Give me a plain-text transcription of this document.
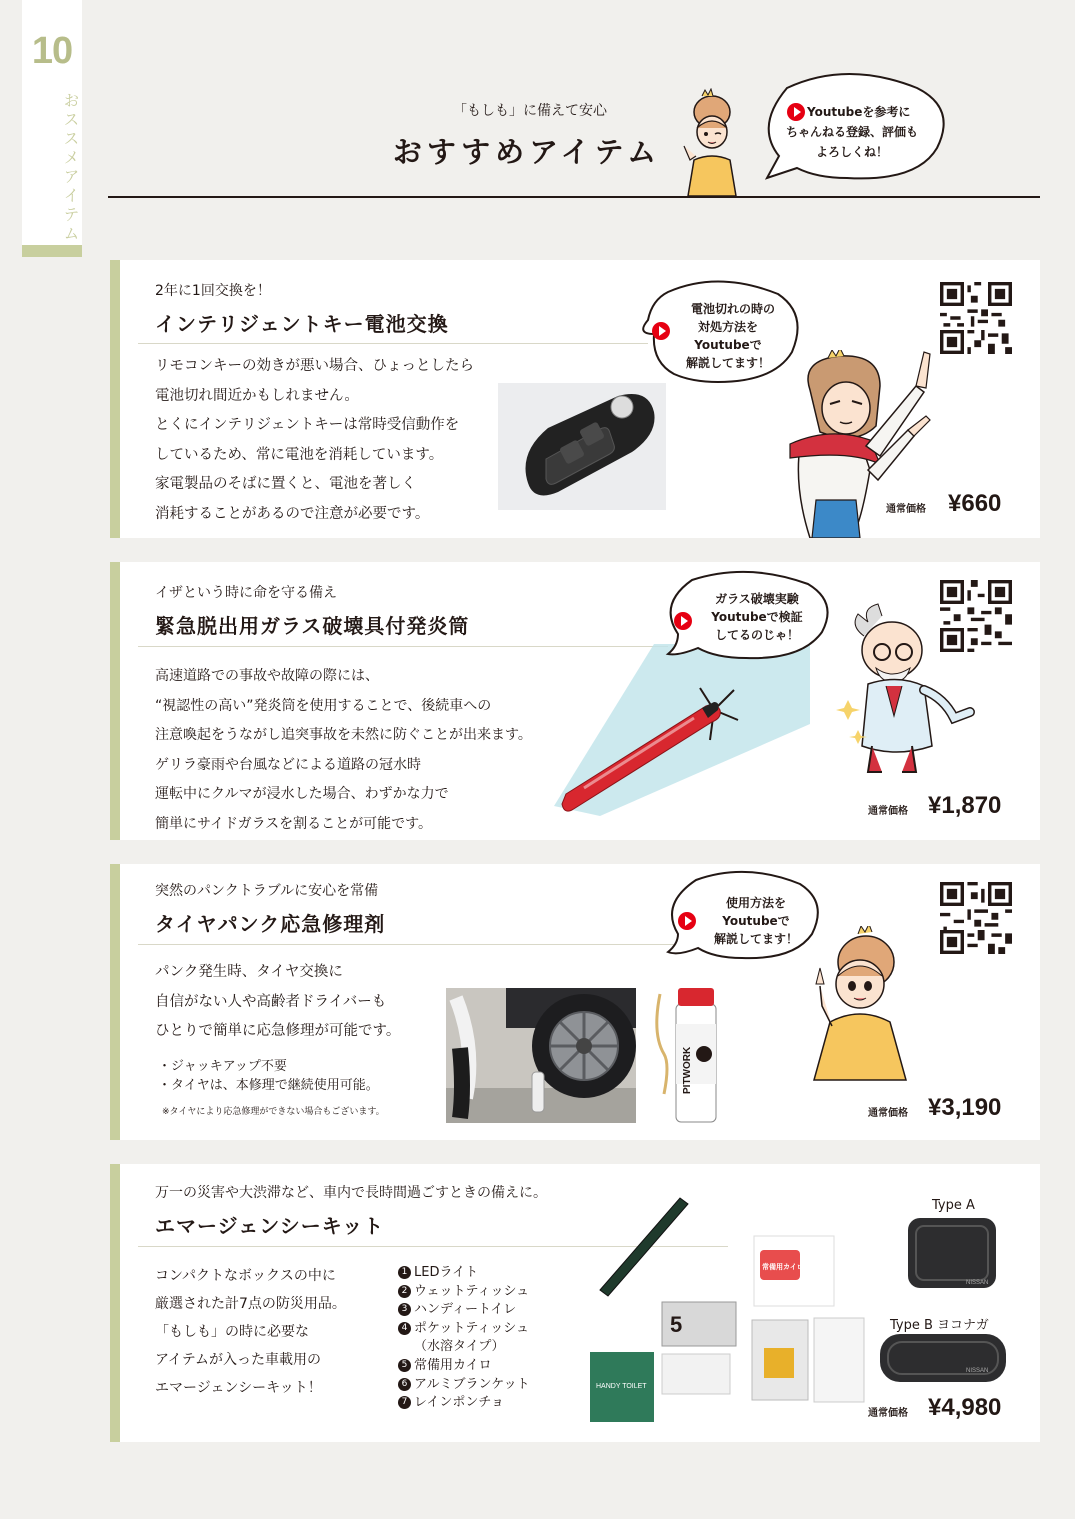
10
おススメアイテム	「もしも」に備えて安心
おすすめアイテム
Youtubeを参考に
ちゃんねる登録、評価も
よろしくね！
2年に1回交換を！
インテリジェントキー電池交換
リモコンキーの効きが悪い場合、ひょっとしたら
電池切れ間近かもしれません。
とくにインテリジェントキーは常時受信動作を
しているため、常に電池を消耗しています。
家電製品のそばに置くと、電池を著しく
消耗することがあるので注意が必要です。
電池切れの時の
対処方法を
Youtubeで
解説してます！
通常価格 ¥660
イザという時に命を守る備え
緊急脱出用ガラス破壊具付発炎筒
高速道路での事故や故障の際には、
“視認性の高い”発炎筒を使用することで、後続車への
注意喚起をうながし追突事故を未然に防ぐことが出来ます。
ゲリラ豪雨や台風などによる道路の冠水時
運転中にクルマが浸水した場合、わずかな力で
簡単にサイドガラスを割ることが可能です。
ガラス破壊実験
Youtubeで検証
してるのじゃ！
通常価格 ¥1,870
突然のパンクトラブルに安心を常備
タイヤパンク応急修理剤
パンク発生時、タイヤ交換に
自信がない人や高齢者ドライバーも
ひとりで簡単に応急修理が可能です。
・ジャッキアップ不要
・タイヤは、本修理で継続使用可能。
※タイヤにより応急修理ができない場合もございます。
PITWORK
使用方法を
Youtubeで
解説してます！
通常価格 ¥3,190
万一の災害や大渋滞など、車内で長時間過ごすときの備えに。
エマージェンシーキット
コンパクトなボックスの中に
厳選された計7点の防災用品。
「もしも」の時に必要な
アイテムが入った車載用の
エマージェンシーキット！
1 LEDライト
2 ウェットティッシュ
3 ハンディートイレ
4 ポケットティッシュ
（水溶タイプ）
5 常備用カイロ
6 アルミブランケット
7 レインポンチョ
5
HANDY TOILET
常備用カイロ
Type A
NISSAN
Type B ヨコナガ
NISSAN
通常価格 ¥4,980
